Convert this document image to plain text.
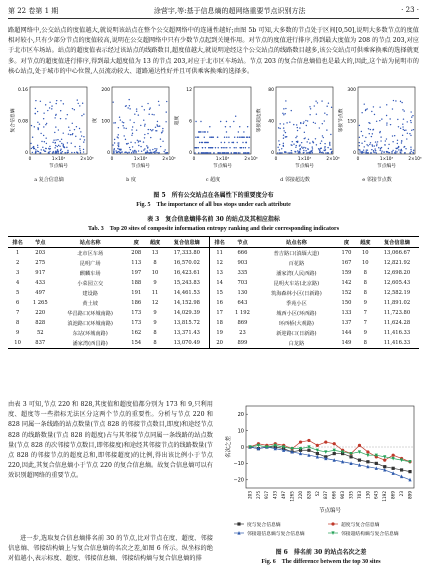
第 22 卷第 1 期	涂营宇,等:基于信息熵的超网络重要节点识别方法	· 23 ·
路超网络中,公交站点的度值越大,就说明该站点在整个公交超网络中的连通性越好;由图 5b 可知,大多数的节点处于区间[0,50],说明大多数节点的度值相对较小,只有少部分节点的度值较高,说明在公交超网络中只有少数节点起到关键作用。对节点的度值进行排序,得到最大度值为 208 的节点 203,对应于北市区车场站。站点的超度值表示经过该站点的线路数目,超度值越大,就说明途经这个公交站点的线路数目越多,该公交站点可供乘客换乘的选择就更多。对节点的超度值进行排序,得到最大超度值为 13 的节点 203,对应于北市区车场站。节点 203 的复合信息熵值也是最大的,因此,这个站为昆明市的核心站点,处于城市的中心位置,人员流动较大、道路通达性好并且可供乘客换乘的选择多。
0.16
0.08
0
0	1×10³	2×10³
复合信息熵
节点编号
a 复合信息熵
200
100
0
0	1×10³	2×10³
度
节点编号
b 度
12
6
0
0	1×10³	2×10³
超度
节点编号
c 超度
80
40
0
0	1×10³	2×10³
邻接超边数
节点编号
d 邻接超边数
300
150
0
0	1×10³	2×10³
邻接节点数
节点编号
e 邻接节点数
图 5　所有公交站点在各属性下的重要度分布
Fig. 5　The importance of all bus stops under each attribute
表 3　复合信息熵排名前 30 的站点及其相应指标
Tab. 3　Top 20 sites of composite information entropy ranking and their corresponding indicators
排名	节点	站点名称	度	超度	复合信息熵	排名	节点	站点名称	度	超度	复合信息熵
1	203	北市区车场	208	13	17,333.80	11	666	普吉路口(滇缅大道)	170	10	13,066.67
2	275	昆明广场	113	8	16,570.02	12	903	百花路	167	10	12,821.92
3	917	麒麟车场	197	10	16,423.61	13	335	潘家湾(人民西路)	159	8	12,698.20
4	433	小菜园立交	188	9	15,243.83	14	703	昆明火车站(北京路)	142	8	12,605.43
5	497	建设路	191	11	14,461.53	15	130	筑海森林小区(日新路)	152	8	12,582.19
6	1 265	黄土坡	186	12	14,152.98	16	643	季苑小区	150	9	11,891.02
7	220	华昌路口(环城南路)	173	9	14,029.39	17	1 192	城西小区(环西路)	133	7	11,723.80
8	828	滇池路口(环城南路)	173	9	13,815.72	18	869	环西桥(大观路)	137	7	11,624.28
9	52	东站(环城南路)	162	8	13,371.43	19	23	新迎路口(日新路)	144	9	11,416.33
10	837	潘家湾(西昌路)	154	8	13,070.49	20	899	白龙路	149	8	11,416.33
由表 3 可知,节点 220 和 828,其度值和超度值都分别为 173 和 9,只利用度、超度等一些指标无法区分这两个节点的重要性。分析与节点 220 和 828 同属一条线路的站点数量(节点 828 的邻接节点数目,即度)和途经节点 828 的线路数量(节点 828 的超度)占与其邻接节点同属一条线路的站点数量(节点 828 的次邻接节点数目,即邻接度)和途经其邻接节点的线路数量(节点 828 的邻接节点的超度总和,即邻接超度)的比例,得出该比例小于节点 220,因此,其复合信息熵小于节点 220 的复合信息熵。故复合信息熵可以有效识别超网络的重要节点。
进一步,选取复合信息熵排名前 30 的节点,比对节点在度、超度、邻接信息熵、邻接结构熵上与复合信息熵的名次之差,如图 6 所示。纵坐标的绝对值越小,表示标度、超度、邻接信息熵、邻接结构熵与复合信息熵的排
20
10
0
−10
−20
203 275 917 433 497 1265 220 828 52 837 666 903 335 703 130 643 1192 869 23 899
名次之差
节点编号
度与复合信息熵	超度与复合信息熵
邻接超信息熵与复合信息熵	邻接超结构熵与复合信息熵
图 6　排名前 30 的站点名次之差
Fig. 6　The difference between the top 30 sites
